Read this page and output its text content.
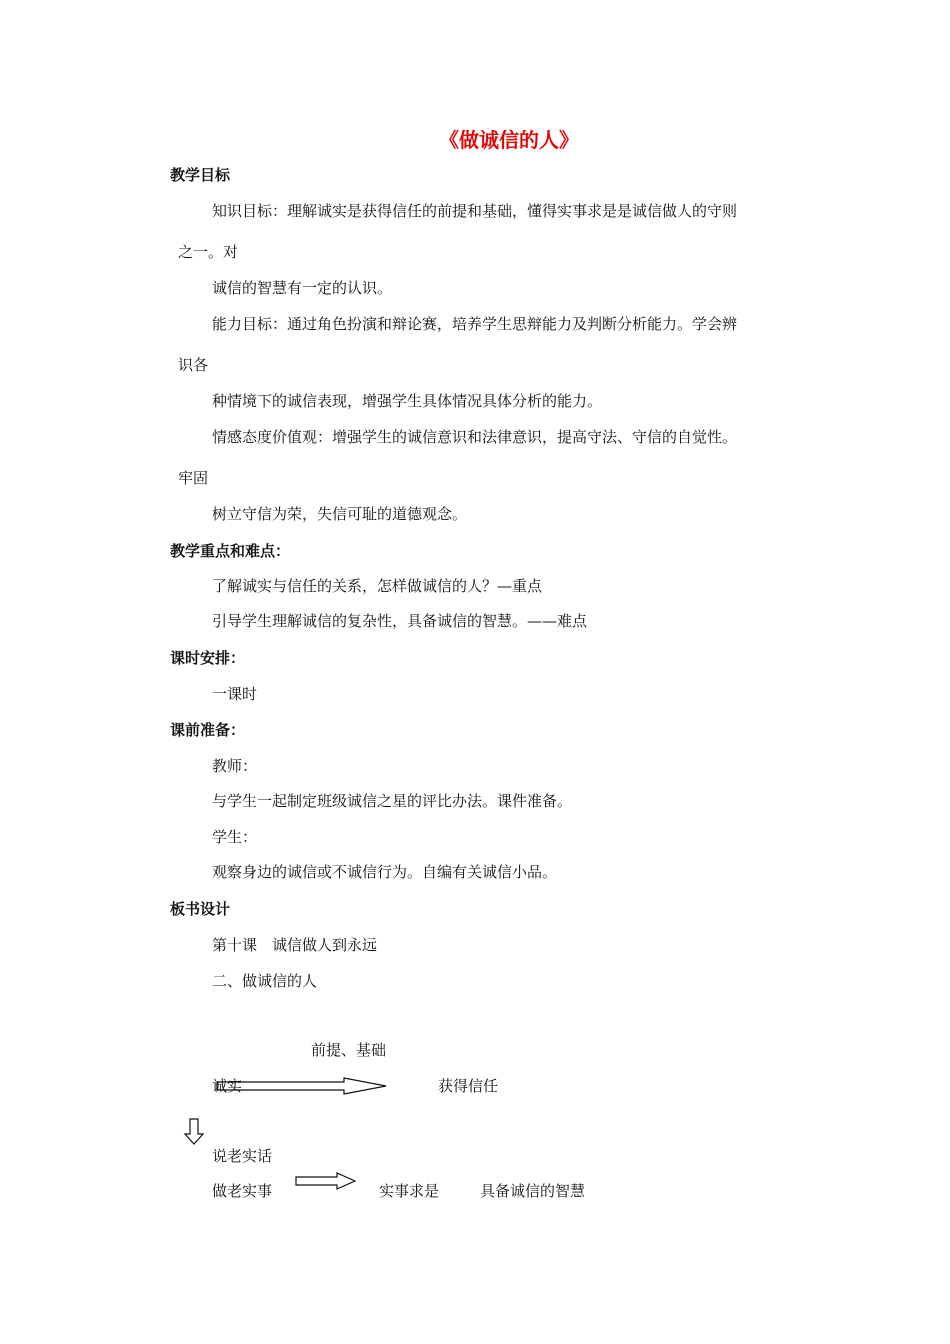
《做诚信的人》
教学目标
知识目标：理解诚实是获得信任的前提和基础，懂得实事求是是诚信做人的守则
之一。对
诚信的智慧有一定的认识。
能力目标：通过角色扮演和辩论赛，培养学生思辩能力及判断分析能力。学会辨
识各
种情境下的诚信表现，增强学生具体情况具体分析的能力。
情感态度价值观：增强学生的诚信意识和法律意识，提高守法、守信的自觉性。
牢固
树立守信为荣，失信可耻的道德观念。
教学重点和难点：
了解诚实与信任的关系，怎样做诚信的人？—重点
引导学生理解诚信的复杂性，具备诚信的智慧。——难点
课时安排：
一课时
课前准备：
教师：
与学生一起制定班级诚信之星的评比办法。课件准备。
学生：
观察身边的诚信或不诚信行为。自编有关诚信小品。
板书设计
第十课　诚信做人到永远
二、做诚信的人
前提、基础
诚实	获得信任
说老实话
做老实事	实事求是	具备诚信的智慧
